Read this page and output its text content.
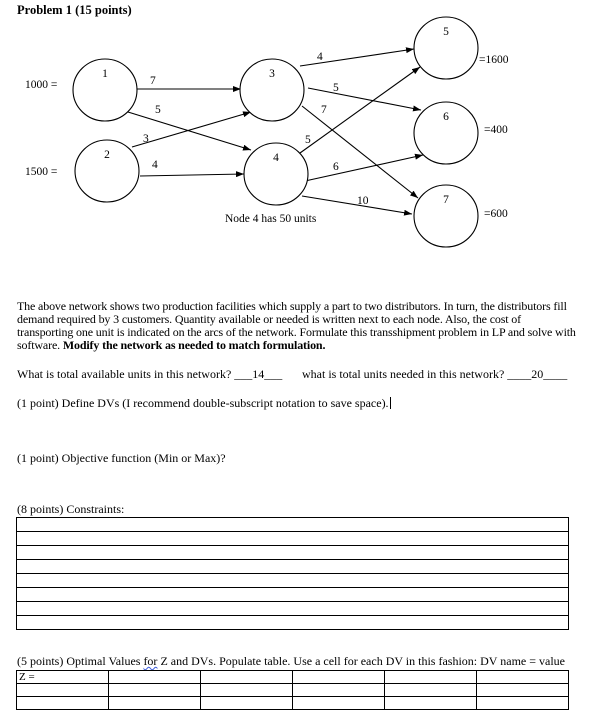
Problem 1 (15 points)
1
2
3
4
5
6
7
7
5
3
4
4
5
7
5
6
10
1000 =
1500 =
=1600
=400
=600
Node 4 has 50 units
The above network shows two production facilities which supply a part to two distributors. In turn, the distributors fill demand required by 3 customers. Quantity available or needed is written next to each node. Also, the cost of transporting one unit is indicated on the arcs of the network. Formulate this transshipment problem in LP and solve with software. Modify the network as needed to match formulation.
What is total available units in this network? ___14___ what is total units needed in this network? ____20____
(1 point) Define DVs (I recommend double-subscript notation to save space).
(1 point) Objective function (Min or Max)?
(8 points) Constraints:

(5 points) Optimal Values for Z and DVs. Populate table. Use a cell for each DV in this fashion: DV name = value
Z =					
